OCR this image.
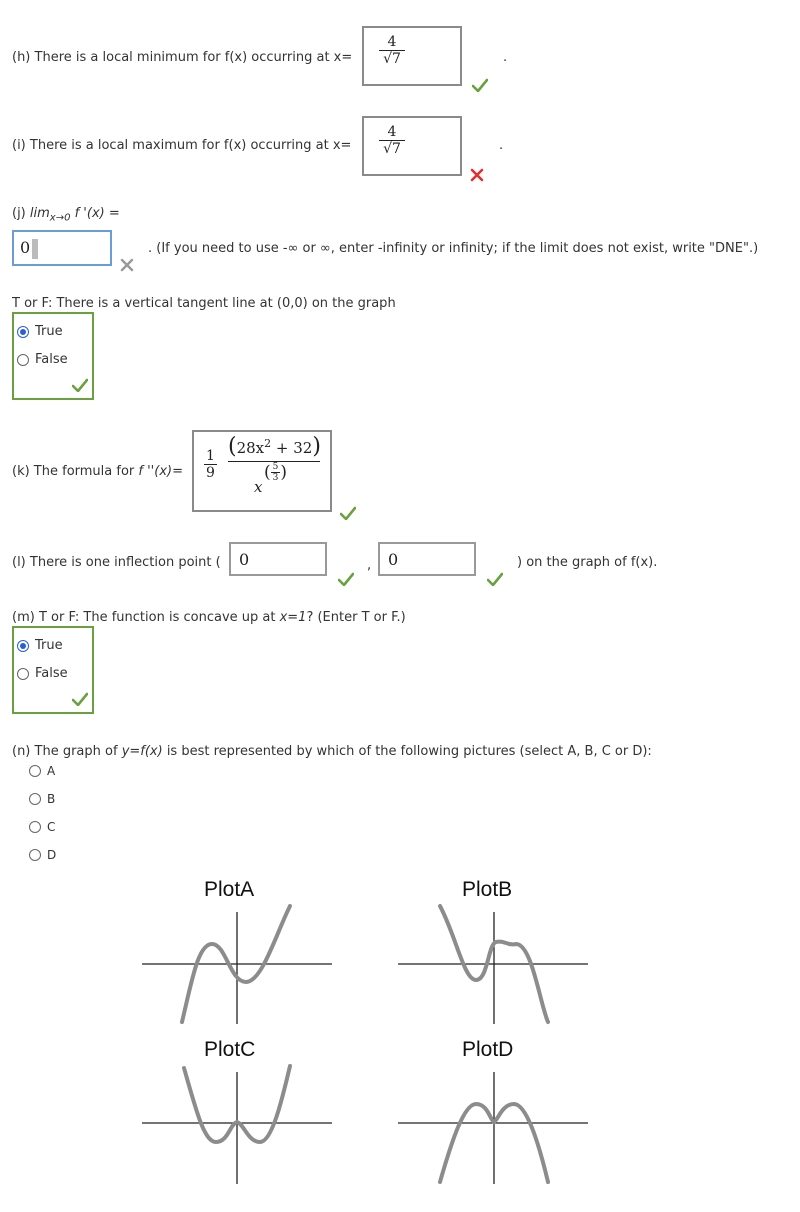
(h) There is a local minimum for f(x) occurring at $x= \frac{4}{√7}$	.
(i) There is a local maximum for f(x) occurring at $x= \frac{4}{√7}$	.
(j) $\lim_{x\to 0} f$ '(x) =
0	. (If you need to use -∞ or ∞, enter -infinity or infinity; if the limit does not exist, write "DNE".)
T or F: There is a vertical tangent line at (0,0) on the graph
True
False
(k) The formula for f ''$(x)= \frac{1}{9}$
$(28x^2 + 32)$
x
( $\frac{5}{3}$ )
(l) There is one inflection point ( 0	, 0	) on the graph of f(x).
(m) T or F: The function is concave up at x=1? (Enter T or F.)
True
False
(n) The graph of y=f(x) is best represented by which of the following pictures (select A, B, C or D):
A
B
C
D
PlotA	PlotB
PlotC	PlotD
